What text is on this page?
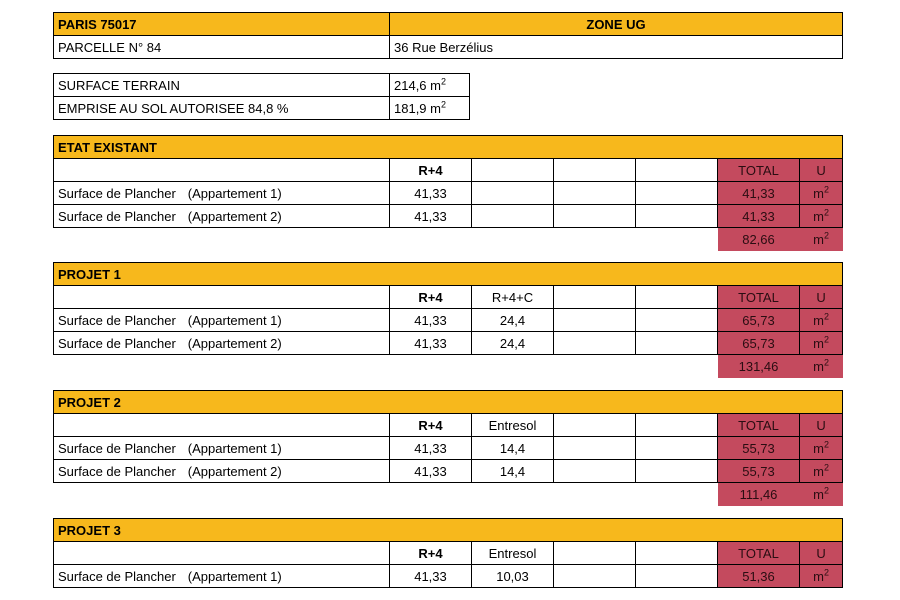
PARIS 75017	ZONE UG
PARCELLE N° 84	36 Rue Berzélius
SURFACE TERRAIN	214,6 $m^2$
EMPRISE AU SOL AUTORISEE 84,8 %	181,9 $m^2$
ETAT EXISTANT						
	R+4				TOTAL	U
Surface de Plancher (Appartement 1)	41,33				41,33	$m^2$
Surface de Plancher (Appartement 2)	41,33				41,33	$m^2$
					82,66	$m^2$
PROJET 1						
	R+4	R+4+C			TOTAL	U
Surface de Plancher (Appartement 1)	41,33	24,4			65,73	$m^2$
Surface de Plancher (Appartement 2)	41,33	24,4			65,73	$m^2$
					131,46	$m^2$
PROJET 2						
	R+4	Entresol			TOTAL	U
Surface de Plancher (Appartement 1)	41,33	14,4			55,73	$m^2$
Surface de Plancher (Appartement 2)	41,33	14,4			55,73	$m^2$
					111,46	$m^2$
PROJET 3						
	R+4	Entresol			TOTAL	U
Surface de Plancher (Appartement 1)	41,33	10,03			51,36	$m^2$
